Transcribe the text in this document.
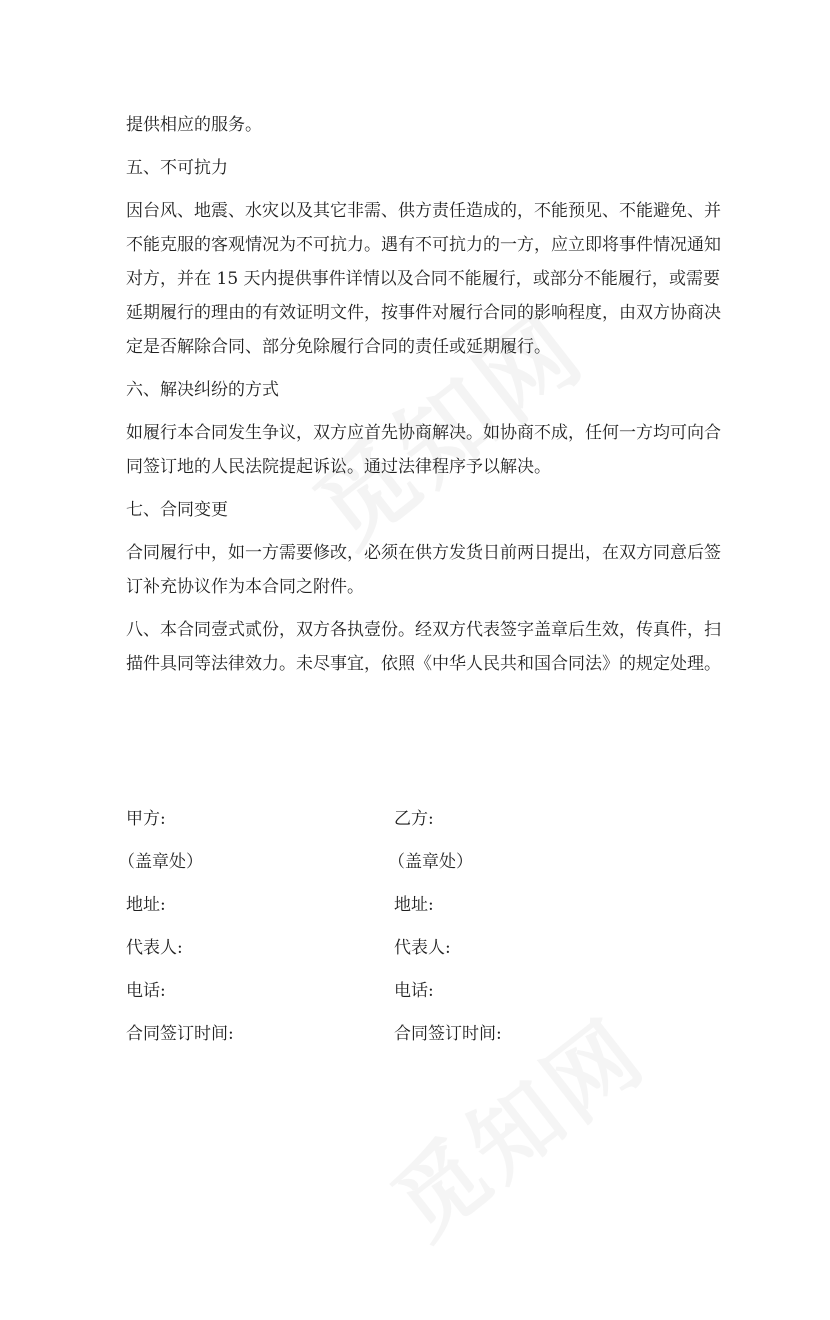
提供相应的服务。
五、不可抗力
因台风、地震、水灾以及其它非需、供方责任造成的，不能预见、不能避免、并
不能克服的客观情况为不可抗力。遇有不可抗力的一方，应立即将事件情况通知
对方，并在 15 天内提供事件详情以及合同不能履行，或部分不能履行，或需要
延期履行的理由的有效证明文件，按事件对履行合同的影响程度，由双方协商决
定是否解除合同、部分免除履行合同的责任或延期履行。
六、解决纠纷的方式
如履行本合同发生争议，双方应首先协商解决。如协商不成，任何一方均可向合
同签订地的人民法院提起诉讼。通过法律程序予以解决。
七、合同变更
合同履行中，如一方需要修改，必须在供方发货日前两日提出，在双方同意后签
订补充协议作为本合同之附件。
八、本合同壹式贰份，双方各执壹份。经双方代表签字盖章后生效，传真件，扫
描件具同等法律效力。未尽事宜，依照《中华人民共和国合同法》的规定处理。
甲方:	乙方:
（盖章处）	（盖章处）
地址:	地址:
代表人:	代表人:
电话:	电话:
合同签订时间:	合同签订时间:
